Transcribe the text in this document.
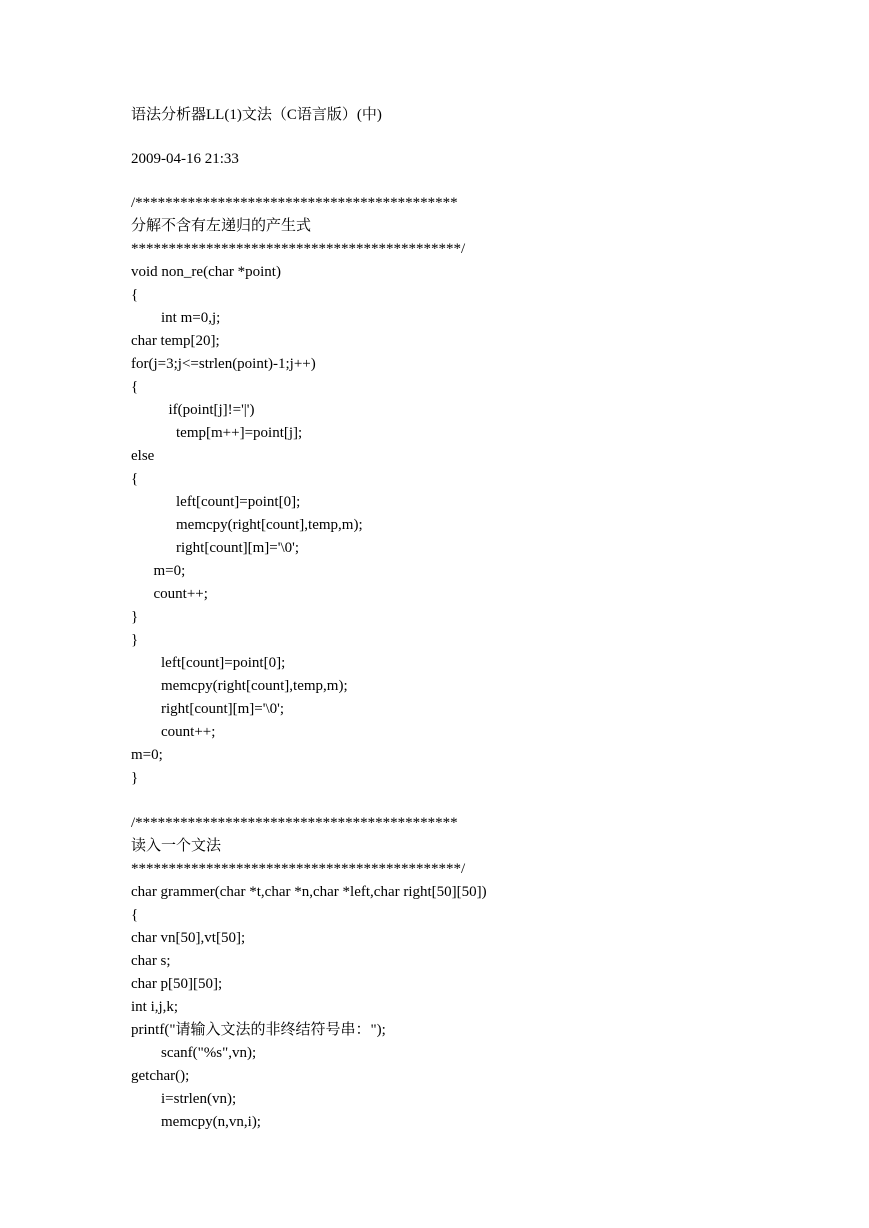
语法分析器LL(1)文法（C语言版）(中)
2009-04-16 21:33
/*******************************************
分解不含有左递归的产生式
********************************************/
void non_re(char *point)
{
int m=0,j;
char temp[20];
for(j=3;j<=strlen(point)-1;j++)
{
if(point[j]!='|')
temp[m++]=point[j];
else
{
left[count]=point[0];
memcpy(right[count],temp,m);
right[count][m]='\0';
m=0;
count++;
}
}
left[count]=point[0];
memcpy(right[count],temp,m);
right[count][m]='\0';
count++;
m=0;
}
/*******************************************
读入一个文法
********************************************/
char grammer(char *t,char *n,char *left,char right[50][50])
{
char vn[50],vt[50];
char s;
char p[50][50];
int i,j,k;
printf("请输入文法的非终结符号串：");
scanf("%s",vn);
getchar();
i=strlen(vn);
memcpy(n,vn,i);
